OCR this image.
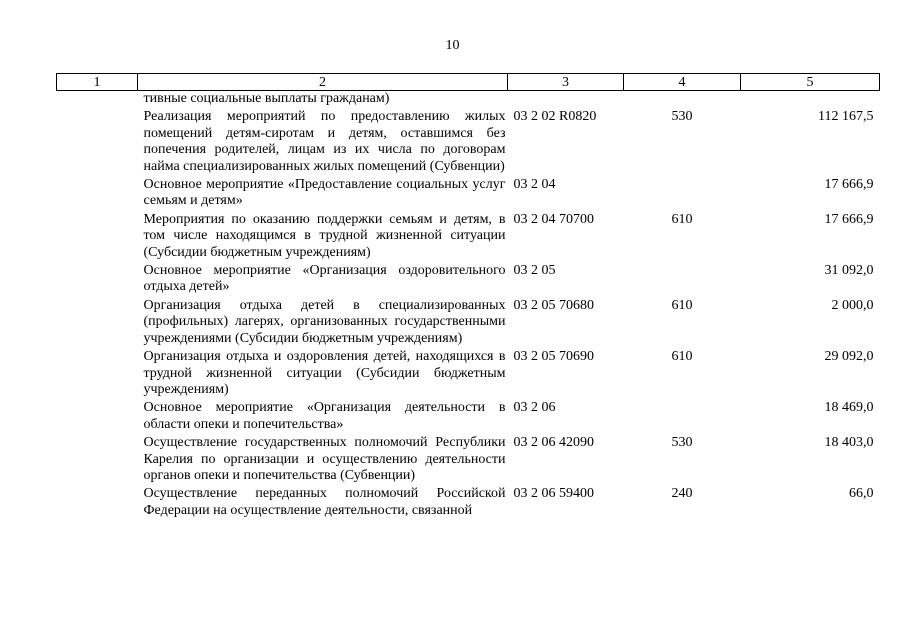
10
1	2	3	4	5
	тивные социальные выплаты гражданам)			
	Реализация мероприятий по предоставлению жилых помещений детям-сиротам и детям, оставшимся без попечения родителей, лицам из их числа по договорам найма специализированных жилых помещений (Субвенции)	03 2 02 R0820	530	112 167,5
	Основное мероприятие «Предоставление социальных услуг семьям и детям»	03 2 04		17 666,9
	Мероприятия по оказанию поддержки семьям и детям, в том числе находящимся в трудной жизненной ситуации (Субсидии бюджетным учреждениям)	03 2 04 70700	610	17 666,9
	Основное мероприятие «Организация оздоровительного отдыха детей»	03 2 05		31 092,0
	Организация отдыха детей в специализированных (профильных) лагерях, организованных государственными учреждениями (Субсидии бюджетным учреждениям)	03 2 05 70680	610	2 000,0
	Организация отдыха и оздоровления детей, находящихся в трудной жизненной ситуации (Субсидии бюджетным учреждениям)	03 2 05 70690	610	29 092,0
	Основное мероприятие «Организация деятельности в области опеки и попечительства»	03 2 06		18 469,0
	Осуществление государственных полномочий Республики Карелия по организации и осуществлению деятельности органов опеки и попечительства (Субвенции)	03 2 06 42090	530	18 403,0
	Осуществление переданных полномочий Российской Федерации на осуществление деятельности, связанной	03 2 06 59400	240	66,0
